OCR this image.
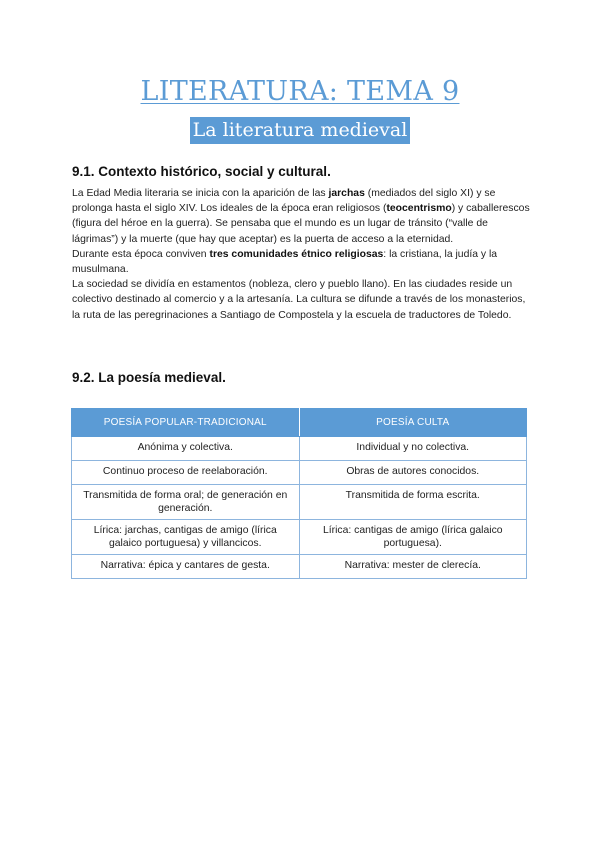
LITERATURA: TEMA 9
La literatura medieval
9.1. Contexto histórico, social y cultural.

La Edad Media literaria se inicia con la aparición de las jarchas (mediados del siglo XI) y se prolonga hasta el siglo XIV. Los ideales de la época eran religiosos (teocentrismo) y caballerescos (figura del héroe en la guerra). Se pensaba que el mundo es un lugar de tránsito (“valle de lágrimas”) y la muerte (que hay que aceptar) es la puerta de acceso a la eternidad.

Durante esta época conviven tres comunidades étnico religiosas: la cristiana, la judía y la musulmana.

La sociedad se dividía en estamentos (nobleza, clero y pueblo llano). En las ciudades reside un colectivo destinado al comercio y a la artesanía. La cultura se difunde a través de los monasterios, la ruta de las peregrinaciones a Santiago de Compostela y la escuela de traductores de Toledo.

9.2. La poesía medieval.
POESÍA POPULAR-TRADICIONAL	POESÍA CULTA
Anónima y colectiva.	Individual y no colectiva.
Continuo proceso de reelaboración.	Obras de autores conocidos.
Transmitida de forma oral; de generación en generación.	Transmitida de forma escrita.
Lírica: jarchas, cantigas de amigo (lírica galaico portuguesa) y villancicos.	Lírica: cantigas de amigo (lírica galaico portuguesa).
Narrativa: épica y cantares de gesta.	Narrativa: mester de clerecía.
